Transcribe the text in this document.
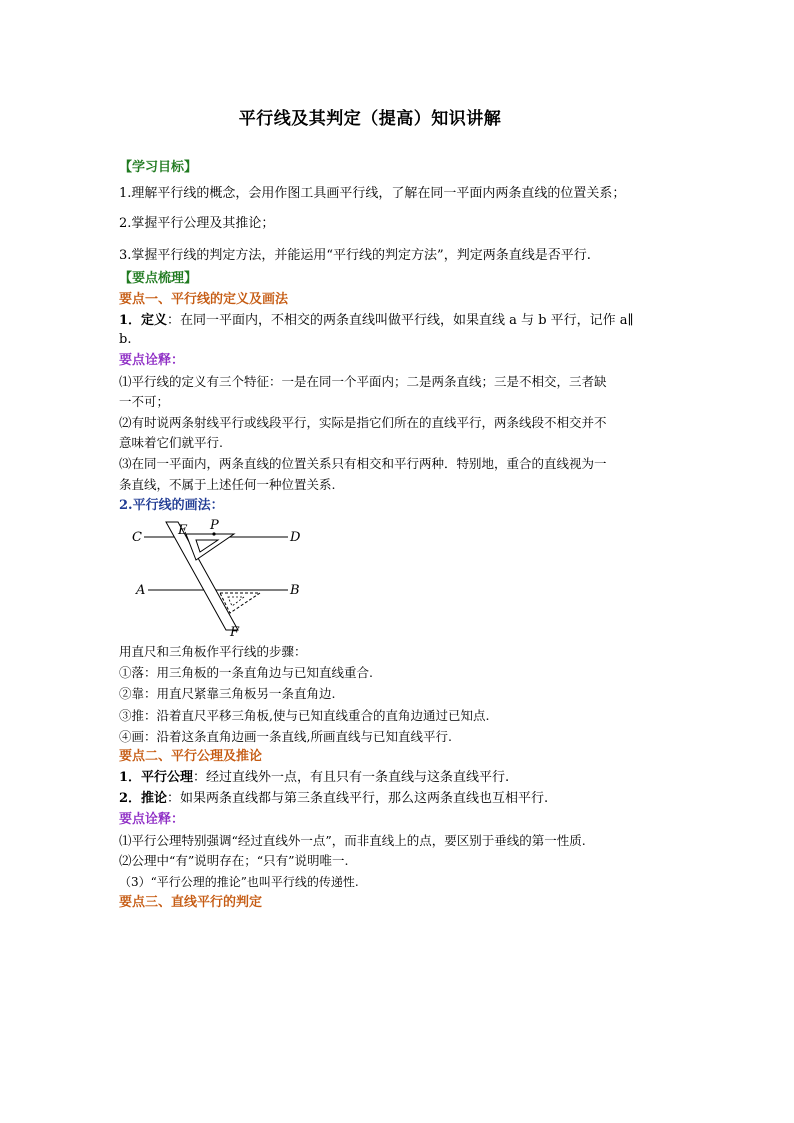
平行线及其判定（提高）知识讲解
【学习目标】
1.理解平行线的概念，会用作图工具画平行线，了解在同一平面内两条直线的位置关系；
2.掌握平行公理及其推论；
3.掌握平行线的判定方法，并能运用“平行线的判定方法”，判定两条直线是否平行.
【要点梳理】
要点一、平行线的定义及画法
1．定义：在同一平面内，不相交的两条直线叫做平行线，如果直线 a 与 b 平行，记作 a∥
b.
要点诠释：
⑴平行线的定义有三个特征：一是在同一个平面内；二是两条直线；三是不相交，三者缺
一不可；
⑵有时说两条射线平行或线段平行，实际是指它们所在的直线平行，两条线段不相交并不
意味着它们就平行.
⑶在同一平面内，两条直线的位置关系只有相交和平行两种．特别地，重合的直线视为一
条直线，不属于上述任何一种位置关系.
2.平行线的画法：
C	E P
D
A	B
F
用直尺和三角板作平行线的步骤：
①落：用三角板的一条直角边与已知直线重合.
②靠：用直尺紧靠三角板另一条直角边.
③推：沿着直尺平移三角板,使与已知直线重合的直角边通过已知点.
④画：沿着这条直角边画一条直线,所画直线与已知直线平行.
要点二、平行公理及推论
1．平行公理：经过直线外一点，有且只有一条直线与这条直线平行.
2．推论：如果两条直线都与第三条直线平行，那么这两条直线也互相平行.
要点诠释：
⑴平行公理特别强调“经过直线外一点”，而非直线上的点，要区别于垂线的第一性质.
⑵公理中“有”说明存在；“只有”说明唯一.
（3）“平行公理的推论”也叫平行线的传递性.
要点三、直线平行的判定
